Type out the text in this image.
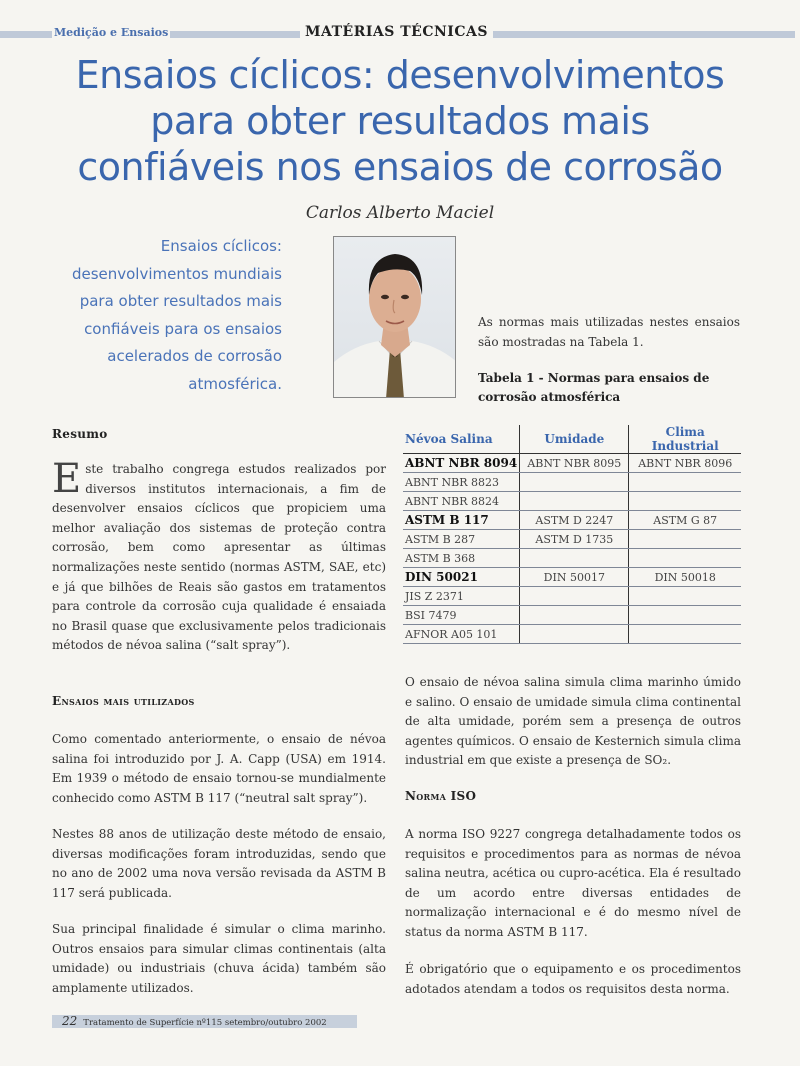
Medição e Ensaios	MATÉRIAS TÉCNICAS
Ensaios cíclicos: desenvolvimentos
para obter resultados mais
confiáveis nos ensaios de corrosão
Carlos Alberto Maciel
Ensaios cíclicos:
desenvolvimentos mundiais
para obter resultados mais
confiáveis para os ensaios
acelerados de corrosão
atmosférica.

As normas mais utilizadas nestes ensaios são mostradas na Tabela 1.

Tabela 1 - Normas para ensaios de corrosão atmosférica
Névoa Salina	Umidade	Clima Industrial
ABNT NBR 8094	ABNT NBR 8095	ABNT NBR 8096
ABNT NBR 8823		
ABNT NBR 8824		
ASTM B 117	ASTM D 2247	ASTM G 87
ASTM B 287	ASTM D 1735	
ASTM B 368		
DIN 50021	DIN 50017	DIN 50018
JIS Z 2371		
BSI 7479		
AFNOR A05 101		
Resumo

Este trabalho congrega estudos realizados por diversos institutos internacionais, a fim de desenvolver ensaios cíclicos que propiciem uma melhor avaliação dos sistemas de proteção contra corrosão, bem como apresentar as últimas normalizações neste sentido (normas ASTM, SAE, etc) e já que bilhões de Reais são gastos em tratamentos para controle da corrosão cuja qualidade é ensaiada no Brasil quase que exclusivamente pelos tradicionais métodos de névoa salina (“salt spray”).

Ensaios mais utilizados

Como comentado anteriormente, o ensaio de névoa salina foi introduzido por J. A. Capp (USA) em 1914. Em 1939 o método de ensaio tornou-se mundialmente conhecido como ASTM B 117 (“neutral salt spray”).

Nestes 88 anos de utilização deste método de ensaio, diversas modificações foram introduzidas, sendo que no ano de 2002 uma nova versão revisada da ASTM B 117 será publicada.

Sua principal finalidade é simular o clima marinho. Outros ensaios para simular climas continentais (alta umidade) ou industriais (chuva ácida) também são amplamente utilizados.

O ensaio de névoa salina simula clima marinho úmido e salino. O ensaio de umidade simula clima continental de alta umidade, porém sem a presença de outros agentes químicos. O ensaio de Kesternich simula clima industrial em que existe a presença de SO₂.

Norma ISO

A norma ISO 9227 congrega detalhadamente todos os requisitos e procedimentos para as normas de névoa salina neutra, acética ou cupro-acética. Ela é resultado de um acordo entre diversas entidades de normalização internacional e é do mesmo nível de status da norma ASTM B 117.

É obrigatório que o equipamento e os procedimentos adotados atendam a todos os requisitos desta norma.

22 Tratamento de Superfície nº115 setembro/outubro 2002
